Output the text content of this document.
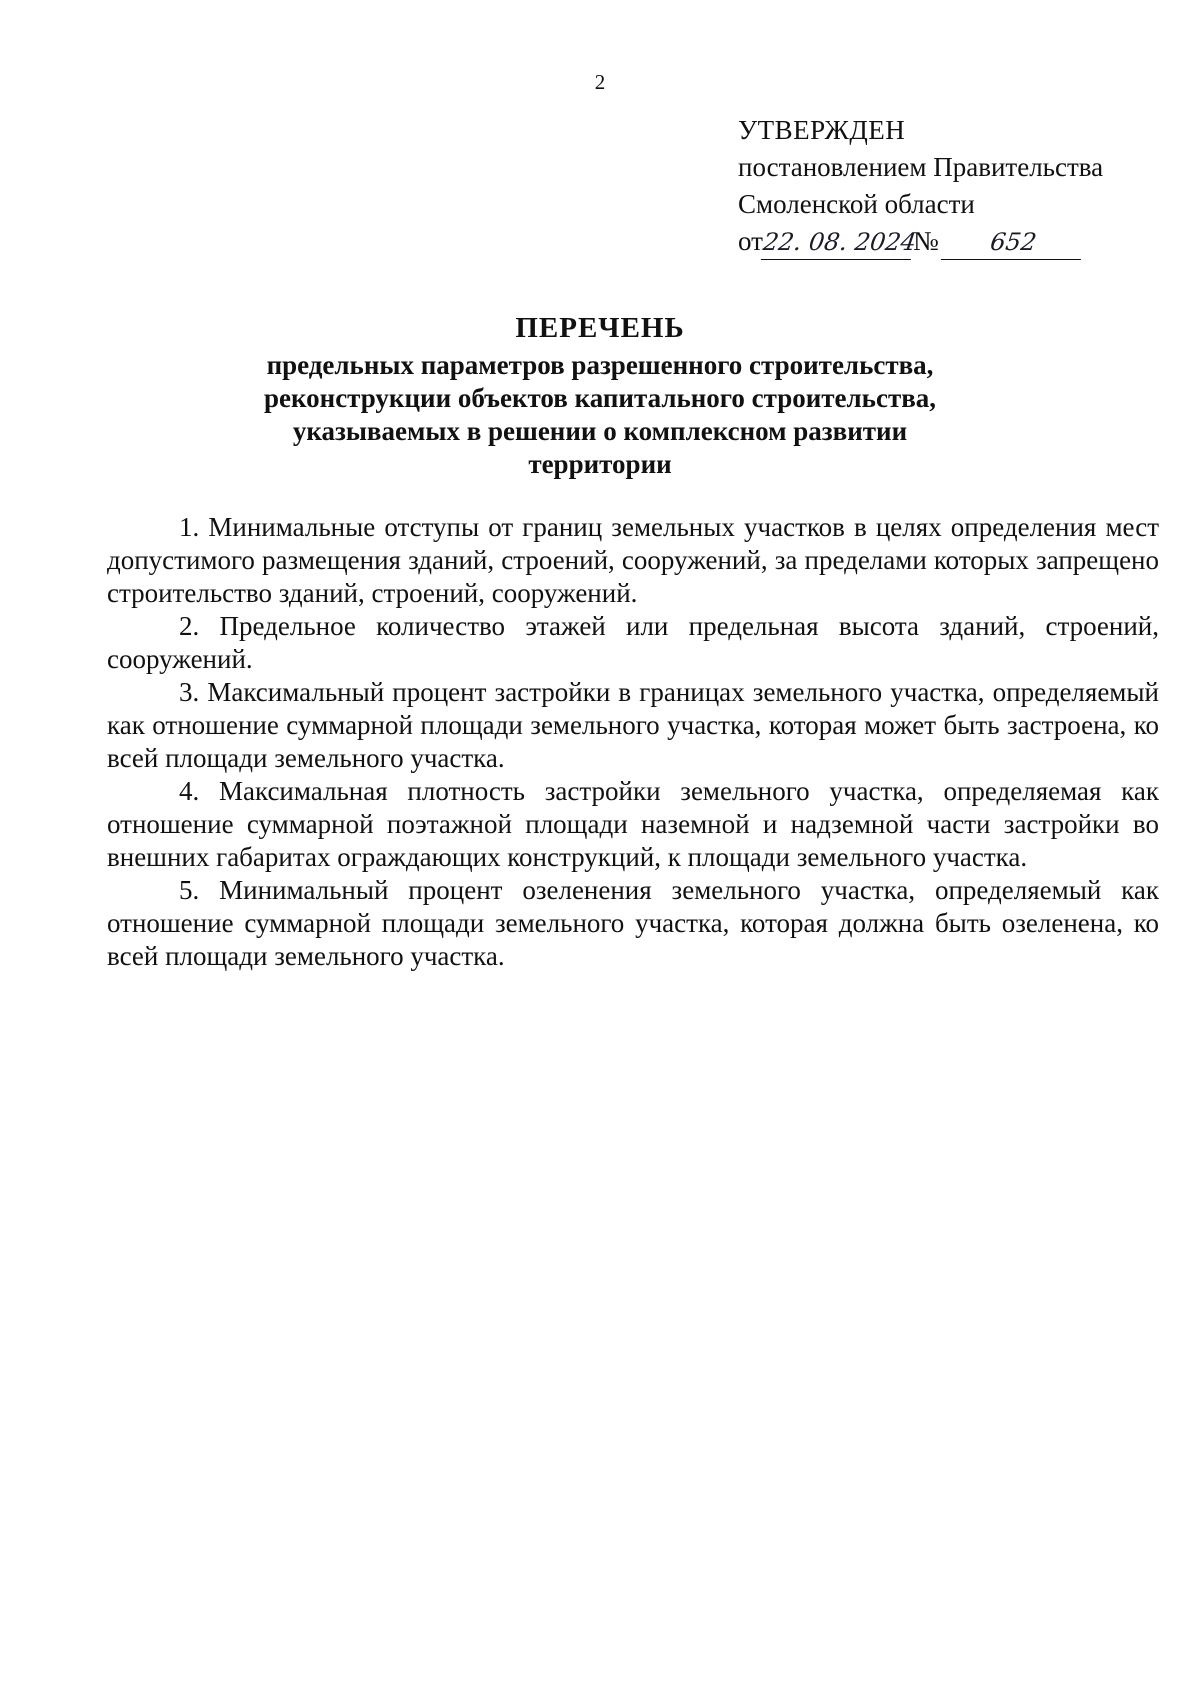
2
УТВЕРЖДЕН
постановлением Правительства
Смоленской области
от
22. 08. 2024
№	652
ПЕРЕЧЕНЬ
предельных параметров разрешенного строительства,
реконструкции объектов капитального строительства,
указываемых в решении о комплексном развитии
территории

1. Минимальные отступы от границ земельных участков в целях определения мест допустимого размещения зданий, строений, сооружений, за пределами которых запрещено строительство зданий, строений, сооружений.

2. Предельное количество этажей или предельная высота зданий, строений, сооружений.

3. Максимальный процент застройки в границах земельного участка, определяемый как отношение суммарной площади земельного участка, которая может быть застроена, ко всей площади земельного участка.

4. Максимальная плотность застройки земельного участка, определяемая как отношение суммарной поэтажной площади наземной и надземной части застройки во внешних габаритах ограждающих конструкций, к площади земельного участка.

5. Минимальный процент озеленения земельного участка, определяемый как отношение суммарной площади земельного участка, которая должна быть озеленена, ко всей площади земельного участка.
